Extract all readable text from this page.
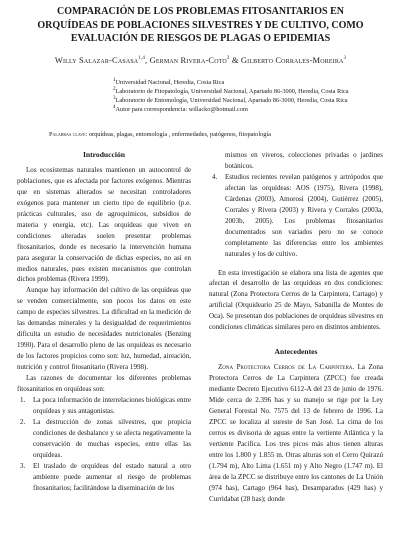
COMPARACIÓN DE LOS PROBLEMAS FITOSANITARIOS EN
ORQUÍDEAS DE POBLACIONES SILVESTRES Y DE CULTIVO, COMO
EVALUACIÓN DE RIESGOS DE PLAGAS O EPIDEMIAS

Willy Salazar-Casasa$^{1,4}$, German Rivera-Coto$^2$ & Gilberto Corrales-Moreira$^3$

$^1$Universidad Nacional, Heredia, Costa Rica

$^2$Laboratorio de Fitopatología, Universidad Nacional, Apartado 86-3000, Heredia, Costa Rica

$^3$Laboratorio de Entomología, Universidad Nacional, Apartado 86-3000, Heredia, Costa Rica

$^4$Autor para correspondencia: willacko@hotmail.com

Palabras clave: orquídeas, plagas, entomología , enfermedades, patógenos, fitopatología

Introducción

Los ecosistemas naturales mantienen un autocontrol de poblaciones, que es afectada por factores exógenos. Mientras que en sistemas alterados se necesitan controladores exógenos para mantener un cierto tipo de equilibrio (p.e. prácticas culturales, uso de agroquímicos, subsidios de materia y energía, etc). Las orquídeas que viven en condiciones alteradas suelen presentar problemas fitosanitarios, donde es necesario la intervención humana para asegurar la conservación de dichas especies, no así en medios naturales, pues existen mecanismos que controlan dichos problemas (Rivera 1999).

Aunque hay información del cultivo de las orquídeas que se venden comercialmente, son pocos los datos en este campo de especies silvestres. La dificultad en la medición de las demandas minerales y la desigualdad de requerimientos dificulta un estudio de necesidades nutricionales (Benzing 1990). Para el desarrollo pleno de las orquídeas es necesario de los factores propicios como son: luz, humedad, aireación, nutrición y control fitosanitario (Rivera 1998).

Las razones de documentar los diferentes problemas fitosanitarios en orquídeas son:

1.	La poca información de interrelaciones biológicas entre orquídeas y sus antagonistas.
2.	La destrucción de zonas silvestres, que propicia condiciones de desbalance y se afecta negativamente la conservación de muchas especies, entre ellas las orquídeas.
3.	El traslado de orquídeas del estado natural a otro ambiente puede aumentar el riesgo de problemas fitosanitarios; facilitándose la diseminación de los
mismos en viveros, colecciones privadas o jardines botánicos.
4.	Estudios recientes revelan patógenos y artrópodos que afectan las orquídeas: AOS (1975), Rivera (1998), Cárdenas (2003), Amorosi (2004), Gutiérrez (2005), Corrales y Rivera (2003) y Rivera y Corrales (2003a, 2003b, 2005). Los problemas fitosanitarios documentados son variados pero no se conoce completamente las diferencias entre los ambientes naturales y los de cultivo.

En esta investigación se elabora una lista de agentes que afectan el desarrollo de las orquídeas en dos condiciones: natural (Zona Protectora Cerros de la Carpintera, Cartago) y artificial (Orquideario 25 de Mayo, Sabanilla de Montes de Oca). Se presentan dos poblaciones de orquídeas silvestres en condiciones climáticas similares pero en distintos ambientes.

Antecedentes

Zona Protectora Cerros de La Carpintera. La Zona Protectora Cerros de La Carpintera (ZPCC) fue creada mediante Decreto Ejecutivo 6112-A del 23 de junio de 1976. Mide cerca de 2.396 has y su manejo se rige por la Ley General Forestal No. 7575 del 13 de febrero de 1996. La ZPCC se localiza al sureste de San José. La cima de los cerros es divisoria de aguas entre la vertiente Atlántica y la vertiente Pacífica. Los tres picos más altos tienen alturas entre los 1.800 y 1.855 m. Otras alturas son el Cerro Quirazú (1.794 m), Alto Lima (1.651 m) y Alto Negro (1.747 m). El área de la ZPCC se distribuye entre los cantones de La Unión (974 has), Cartago (964 has), Desamparados (429 has) y Curridabat (28 has); donde
